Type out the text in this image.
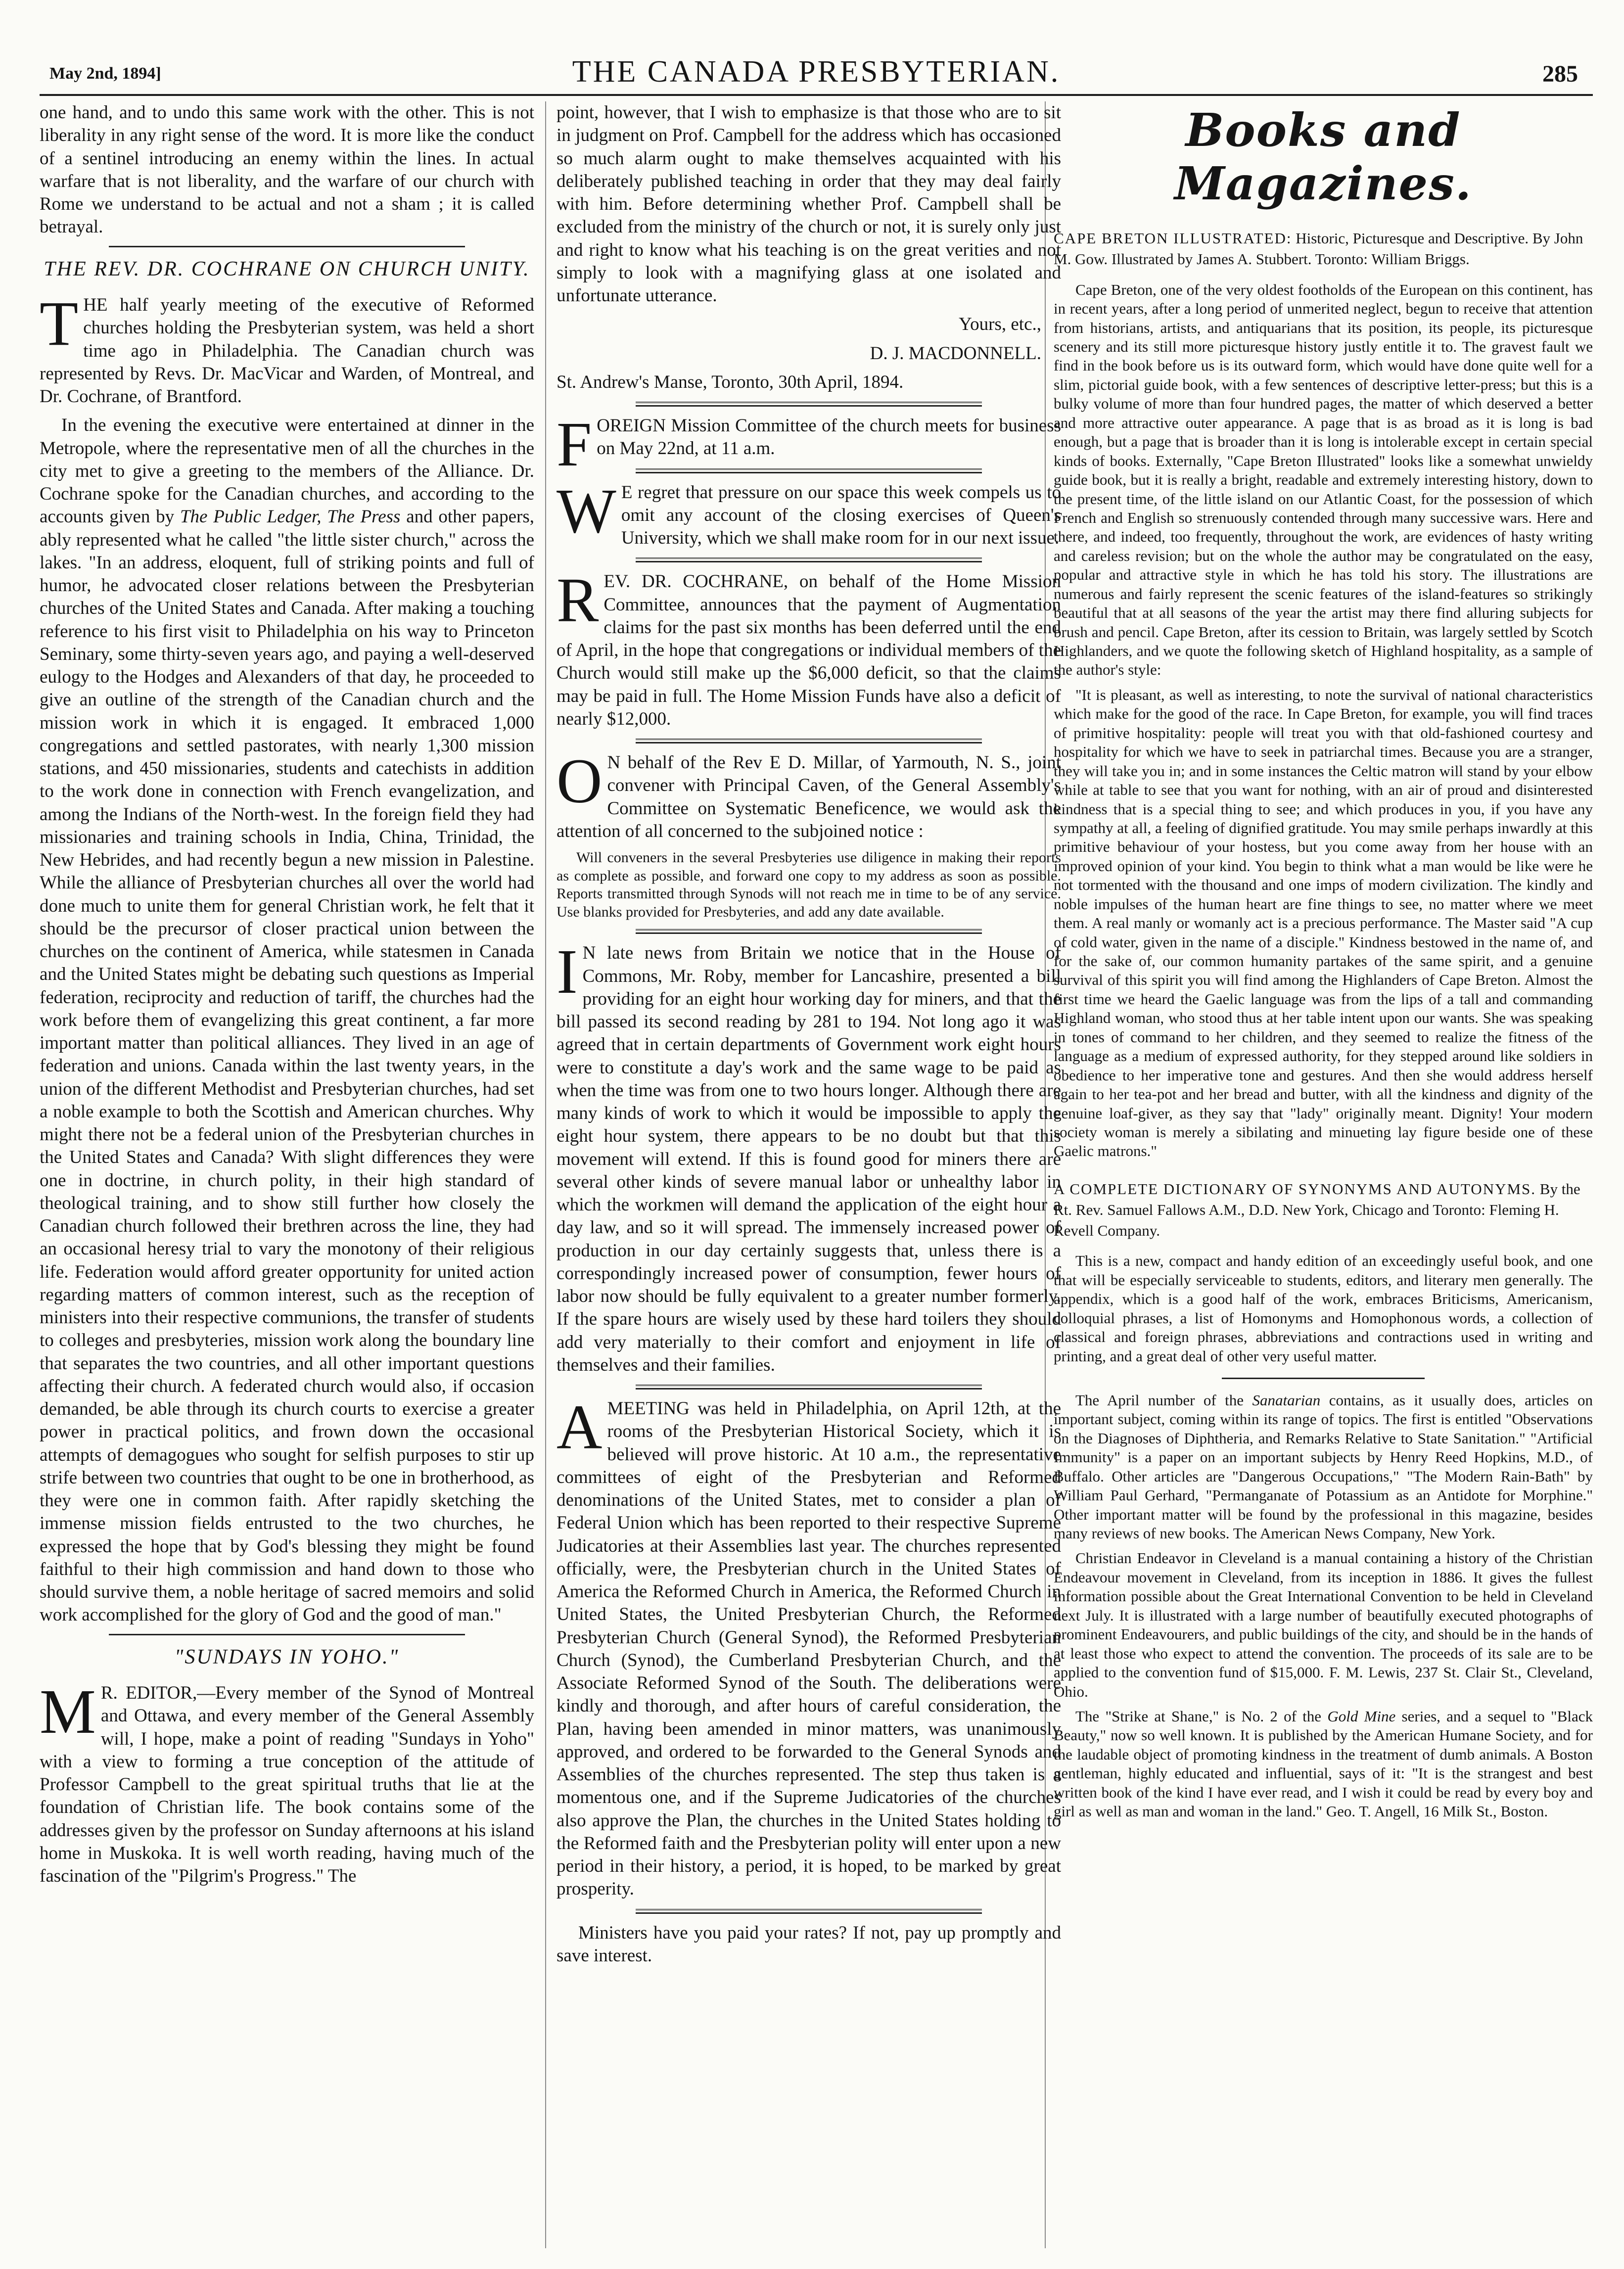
May 2nd, 1894]	THE CANADA PRESBYTERIAN.	285

one hand, and to undo this same work with the other. This is not liberality in any right sense of the word. It is more like the conduct of a sentinel introducing an enemy within the lines. In actual warfare that is not liberality, and the warfare of our church with Rome we understand to be actual and not a sham ; it is called betrayal.

THE REV. DR. COCHRANE ON CHURCH UNITY.

THE half yearly meeting of the executive of Reformed churches holding the Presbyterian system, was held a short time ago in Philadelphia. The Canadian church was represented by Revs. Dr. MacVicar and Warden, of Montreal, and Dr. Cochrane, of Brantford.

In the evening the executive were entertained at dinner in the Metropole, where the representative men of all the churches in the city met to give a greeting to the members of the Alliance. Dr. Cochrane spoke for the Canadian churches, and according to the accounts given by The Public Ledger, The Press and other papers, ably represented what he called "the little sister church," across the lakes. "In an address, eloquent, full of striking points and full of humor, he advocated closer relations between the Presbyterian churches of the United States and Canada. After making a touching reference to his first visit to Philadelphia on his way to Princeton Seminary, some thirty-seven years ago, and paying a well-deserved eulogy to the Hodges and Alexanders of that day, he proceeded to give an outline of the strength of the Canadian church and the mission work in which it is engaged. It embraced 1,000 congregations and settled pastorates, with nearly 1,300 mission stations, and 450 missionaries, students and catechists in addition to the work done in connection with French evangelization, and among the Indians of the North-west. In the foreign field they had missionaries and training schools in India, China, Trinidad, the New Hebrides, and had recently begun a new mission in Palestine. While the alliance of Presbyterian churches all over the world had done much to unite them for general Christian work, he felt that it should be the precursor of closer practical union between the churches on the continent of America, while statesmen in Canada and the United States might be debating such questions as Imperial federation, reciprocity and reduction of tariff, the churches had the work before them of evangelizing this great continent, a far more important matter than political alliances. They lived in an age of federation and unions. Canada within the last twenty years, in the union of the different Methodist and Presbyterian churches, had set a noble example to both the Scottish and American churches. Why might there not be a federal union of the Presbyterian churches in the United States and Canada? With slight differences they were one in doctrine, in church polity, in their high standard of theological training, and to show still further how closely the Canadian church followed their brethren across the line, they had an occasional heresy trial to vary the monotony of their religious life. Federation would afford greater opportunity for united action regarding matters of common interest, such as the reception of ministers into their respective communions, the transfer of students to colleges and presbyteries, mission work along the boundary line that separates the two countries, and all other important questions affecting their church. A federated church would also, if occasion demanded, be able through its church courts to exercise a greater power in practical politics, and frown down the occasional attempts of demagogues who sought for selfish purposes to stir up strife between two countries that ought to be one in brotherhood, as they were one in common faith. After rapidly sketching the immense mission fields entrusted to the two churches, he expressed the hope that by God's blessing they might be found faithful to their high commission and hand down to those who should survive them, a noble heritage of sacred memoirs and solid work accomplished for the glory of God and the good of man."

"SUNDAYS IN YOHO."

M R. EDITOR,—Every member of the Synod of Montreal and Ottawa, and every member of the General Assembly will, I hope, make a point of reading "Sundays in Yoho" with a view to forming a true conception of the attitude of Professor Campbell to the great spiritual truths that lie at the foundation of Christian life. The book contains some of the addresses given by the professor on Sunday afternoons at his island home in Muskoka. It is well worth reading, having much of the fascination of the "Pilgrim's Progress." The

point, however, that I wish to emphasize is that those who are to sit in judgment on Prof. Campbell for the address which has occasioned so much alarm ought to make themselves acquainted with his deliberately published teaching in order that they may deal fairly with him. Before determining whether Prof. Campbell shall be excluded from the ministry of the church or not, it is surely only just and right to know what his teaching is on the great verities and not simply to look with a magnifying glass at one isolated and unfortunate utterance.

Yours, etc.,

D. J. MACDONNELL.

St. Andrew's Manse, Toronto, 30th April, 1894.

FOREIGN Mission Committee of the church meets for business on May 22nd, at 11 a.m.

W E regret that pressure on our space this week compels us to omit any account of the closing exercises of Queen's University, which we shall make room for in our next issue.

REV. DR. COCHRANE, on behalf of the Home Mission Committee, announces that the payment of Augmentation claims for the past six months has been deferred until the end of April, in the hope that congregations or individual members of the Church would still make up the $6,000 deficit, so that the claims may be paid in full. The Home Mission Funds have also a deficit of nearly $12,000.

O N behalf of the Rev E D. Millar, of Yarmouth, N. S., joint convener with Principal Caven, of the General Assembly's Committee on Systematic Beneficence, we would ask the attention of all concerned to the subjoined notice :

Will conveners in the several Presbyteries use diligence in making their reports as complete as possible, and forward one copy to my address as soon as possible. Reports transmitted through Synods will not reach me in time to be of any service. Use blanks provided for Presbyteries, and add any date available.

I N late news from Britain we notice that in the House of Commons, Mr. Roby, member for Lancashire, presented a bill providing for an eight hour working day for miners, and that the bill passed its second reading by 281 to 194. Not long ago it was agreed that in certain departments of Government work eight hours were to constitute a day's work and the same wage to be paid as when the time was from one to two hours longer. Although there are many kinds of work to which it would be impossible to apply the eight hour system, there appears to be no doubt but that this movement will extend. If this is found good for miners there are several other kinds of severe manual labor or unhealthy labor in which the workmen will demand the application of the eight hour a day law, and so it will spread. The immensely increased power of production in our day certainly suggests that, unless there is a correspondingly increased power of consumption, fewer hours of labor now should be fully equivalent to a greater number formerly. If the spare hours are wisely used by these hard toilers they should add very materially to their comfort and enjoyment in life of themselves and their families.

AMEETING was held in Philadelphia, on April 12th, at the rooms of the Presbyterian Historical Society, which it is believed will prove historic. At 10 a.m., the representative committees of eight of the Presbyterian and Reformed denominations of the United States, met to consider a plan of Federal Union which has been reported to their respective Supreme Judicatories at their Assemblies last year. The churches represented officially, were, the Presbyterian church in the United States of America the Reformed Church in America, the Reformed Church in United States, the United Presbyterian Church, the Reformed Presbyterian Church (General Synod), the Reformed Presbyterian Church (Synod), the Cumberland Presbyterian Church, and the Associate Reformed Synod of the South. The deliberations were kindly and thorough, and after hours of careful consideration, the Plan, having been amended in minor matters, was unanimously approved, and ordered to be forwarded to the General Synods and Assemblies of the churches represented. The step thus taken is a momentous one, and if the Supreme Judicatories of the churches also approve the Plan, the churches in the United States holding to the Reformed faith and the Presbyterian polity will enter upon a new period in their history, a period, it is hoped, to be marked by great prosperity.

Ministers have you paid your rates? If not, pay up promptly and save interest.

Books and Magazines.
CAPE BRETON ILLUSTRATED: Historic, Picturesque and Descriptive. By John M. Gow. Illustrated by James A. Stubbert. Toronto: William Briggs.

Cape Breton, one of the very oldest footholds of the European on this continent, has in recent years, after a long period of unmerited neglect, begun to receive that attention from historians, artists, and antiquarians that its position, its people, its picturesque scenery and its still more picturesque history justly entitle it to. The gravest fault we find in the book before us is its outward form, which would have done quite well for a slim, pictorial guide book, with a few sentences of descriptive letter-press; but this is a bulky volume of more than four hundred pages, the matter of which deserved a better and more attractive outer appearance. A page that is as broad as it is long is bad enough, but a page that is broader than it is long is intolerable except in certain special kinds of books. Externally, "Cape Breton Illustrated" looks like a somewhat unwieldy guide book, but it is really a bright, readable and extremely interesting history, down to the present time, of the little island on our Atlantic Coast, for the possession of which French and English so strenuously contended through many successive wars. Here and there, and indeed, too frequently, throughout the work, are evidences of hasty writing and careless revision; but on the whole the author may be congratulated on the easy, popular and attractive style in which he has told his story. The illustrations are numerous and fairly represent the scenic features of the island-features so strikingly beautiful that at all seasons of the year the artist may there find alluring subjects for brush and pencil. Cape Breton, after its cession to Britain, was largely settled by Scotch Highlanders, and we quote the following sketch of Highland hospitality, as a sample of the author's style:

"It is pleasant, as well as interesting, to note the survival of national characteristics which make for the good of the race. In Cape Breton, for example, you will find traces of primitive hospitality: people will treat you with that old-fashioned courtesy and hospitality for which we have to seek in patriarchal times. Because you are a stranger, they will take you in; and in some instances the Celtic matron will stand by your elbow while at table to see that you want for nothing, with an air of proud and disinterested kindness that is a special thing to see; and which produces in you, if you have any sympathy at all, a feeling of dignified gratitude. You may smile perhaps inwardly at this primitive behaviour of your hostess, but you come away from her house with an improved opinion of your kind. You begin to think what a man would be like were he not tormented with the thousand and one imps of modern civilization. The kindly and noble impulses of the human heart are fine things to see, no matter where we meet them. A real manly or womanly act is a precious performance. The Master said "A cup of cold water, given in the name of a disciple." Kindness bestowed in the name of, and for the sake of, our common humanity partakes of the same spirit, and a genuine survival of this spirit you will find among the Highlanders of Cape Breton. Almost the first time we heard the Gaelic language was from the lips of a tall and commanding Highland woman, who stood thus at her table intent upon our wants. She was speaking in tones of command to her children, and they seemed to realize the fitness of the language as a medium of expressed authority, for they stepped around like soldiers in obedience to her imperative tone and gestures. And then she would address herself again to her tea-pot and her bread and butter, with all the kindness and dignity of the genuine loaf-giver, as they say that "lady" originally meant. Dignity! Your modern society woman is merely a sibilating and minueting lay figure beside one of these Gaelic matrons."

A COMPLETE DICTIONARY OF SYNONYMS AND AUTONYMS. By the Rt. Rev. Samuel Fallows A.M., D.D. New York, Chicago and Toronto: Fleming H. Revell Company.

This is a new, compact and handy edition of an exceedingly useful book, and one that will be especially serviceable to students, editors, and literary men generally. The appendix, which is a good half of the work, embraces Briticisms, Americanism, colloquial phrases, a list of Homonyms and Homophonous words, a collection of classical and foreign phrases, abbreviations and contractions used in writing and printing, and a great deal of other very useful matter.

The April number of the Sanatarian contains, as it usually does, articles on important subject, coming within its range of topics. The first is entitled "Observations on the Diagnoses of Diphtheria, and Remarks Relative to State Sanitation." "Artificial Immunity" is a paper on an important subjects by Henry Reed Hopkins, M.D., of Buffalo. Other articles are "Dangerous Occupations," "The Modern Rain-Bath" by William Paul Gerhard, "Permanganate of Potassium as an Antidote for Morphine." Other important matter will be found by the professional in this magazine, besides many reviews of new books. The American News Company, New York.

Christian Endeavor in Cleveland is a manual containing a history of the Christian Endeavour movement in Cleveland, from its inception in 1886. It gives the fullest information possible about the Great International Convention to be held in Cleveland next July. It is illustrated with a large number of beautifully executed photographs of prominent Endeavourers, and public buildings of the city, and should be in the hands of at least those who expect to attend the convention. The proceeds of its sale are to be applied to the convention fund of $15,000. F. M. Lewis, 237 St. Clair St., Cleveland, Ohio.

The "Strike at Shane," is No. 2 of the Gold Mine series, and a sequel to "Black Beauty," now so well known. It is published by the American Humane Society, and for the laudable object of promoting kindness in the treatment of dumb animals. A Boston gentleman, highly educated and influential, says of it: "It is the strangest and best written book of the kind I have ever read, and I wish it could be read by every boy and girl as well as man and woman in the land." Geo. T. Angell, 16 Milk St., Boston.
